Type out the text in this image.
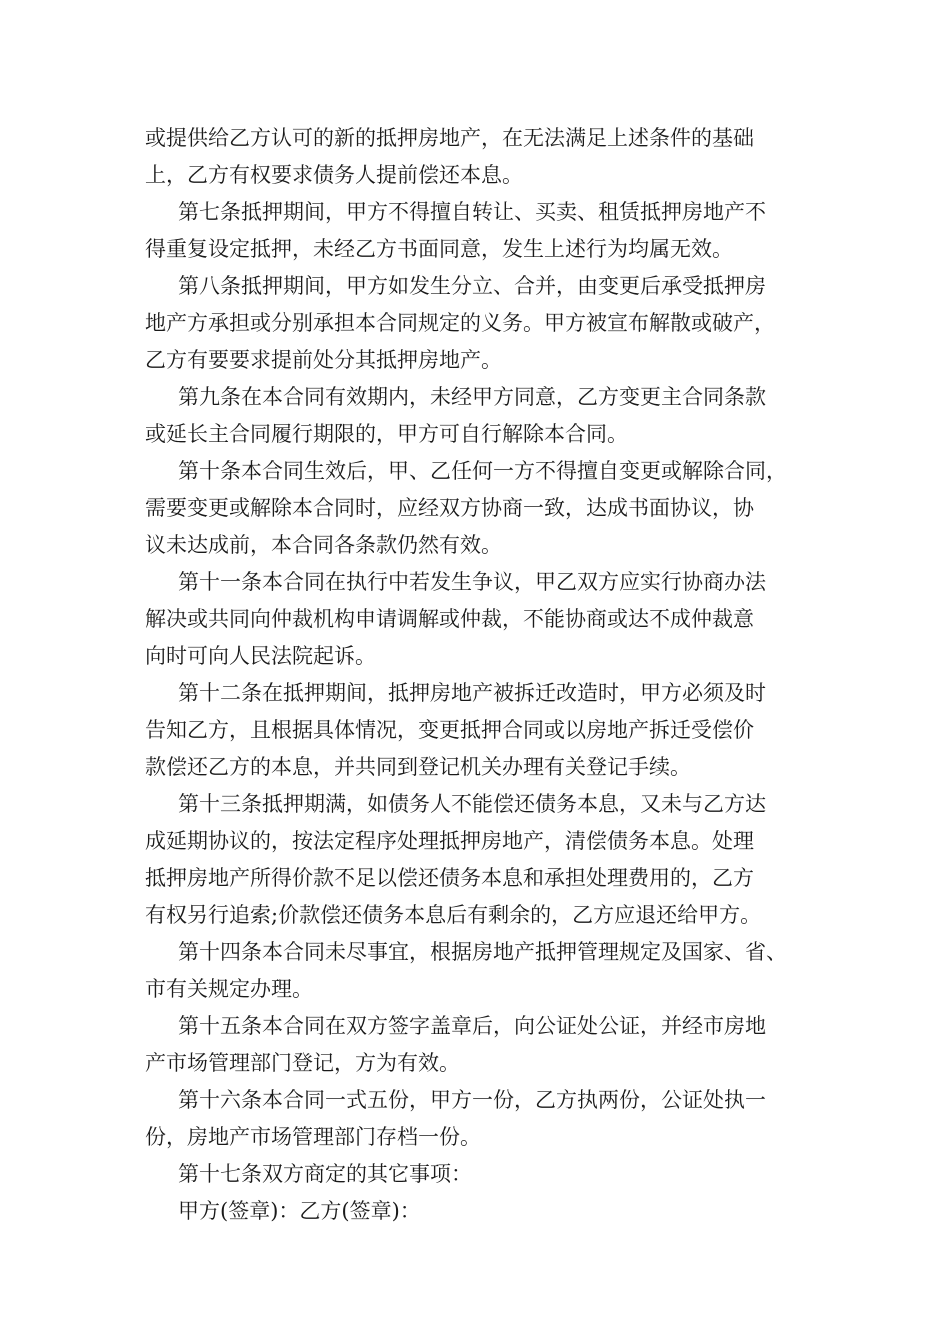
或提供给乙方认可的新的抵押房地产，在无法满足上述条件的基础
上，乙方有权要求债务人提前偿还本息。
第七条抵押期间，甲方不得擅自转让、买卖、租赁抵押房地产不
得重复设定抵押，未经乙方书面同意，发生上述行为均属无效。
第八条抵押期间，甲方如发生分立、合并，由变更后承受抵押房
地产方承担或分别承担本合同规定的义务。甲方被宣布解散或破产，
乙方有要要求提前处分其抵押房地产。
第九条在本合同有效期内，未经甲方同意，乙方变更主合同条款
或延长主合同履行期限的，甲方可自行解除本合同。
第十条本合同生效后，甲、乙任何一方不得擅自变更或解除合同，
需要变更或解除本合同时，应经双方协商一致，达成书面协议，协
议未达成前，本合同各条款仍然有效。
第十一条本合同在执行中若发生争议，甲乙双方应实行协商办法
解决或共同向仲裁机构申请调解或仲裁，不能协商或达不成仲裁意
向时可向人民法院起诉。
第十二条在抵押期间，抵押房地产被拆迁改造时，甲方必须及时
告知乙方，且根据具体情况，变更抵押合同或以房地产拆迁受偿价
款偿还乙方的本息，并共同到登记机关办理有关登记手续。
第十三条抵押期满，如债务人不能偿还债务本息，又未与乙方达
成延期协议的，按法定程序处理抵押房地产，清偿债务本息。处理
抵押房地产所得价款不足以偿还债务本息和承担处理费用的，乙方
有权另行追索;价款偿还债务本息后有剩余的，乙方应退还给甲方。
第十四条本合同未尽事宜，根据房地产抵押管理规定及国家、省、
市有关规定办理。
第十五条本合同在双方签字盖章后，向公证处公证，并经市房地
产市场管理部门登记，方为有效。
第十六条本合同一式五份，甲方一份，乙方执两份，公证处执一
份，房地产市场管理部门存档一份。
第十七条双方商定的其它事项：
甲方(签章)：乙方(签章)：
